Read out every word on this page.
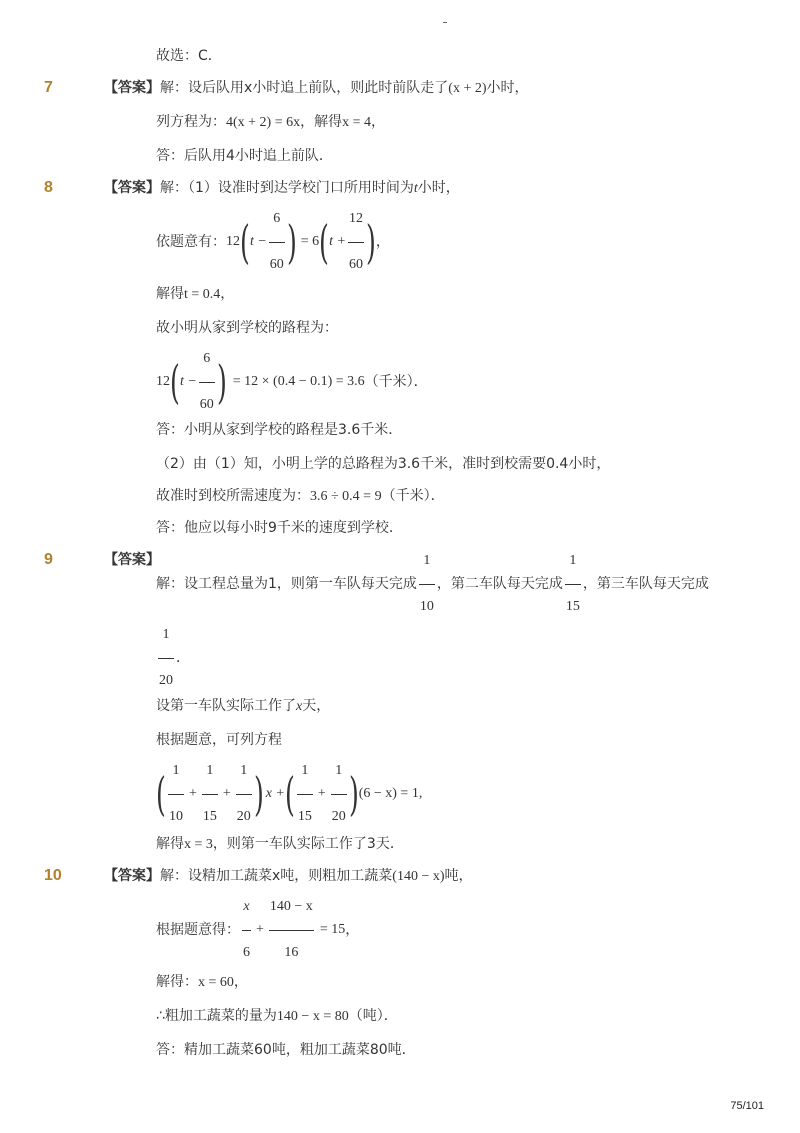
故选：C．
7	【答案】解：设后队用x小时追上前队，则此时前队走了(x + 2)小时，
列方程为：4(x + 2) = 6x，解得x = 4，
答：后队用4小时追上前队．
8	【答案】解：（1）设准时到达学校门口所用时间为t小时，
依题意有： 12 ( $t - \frac{6}{60}$ ) = 6 ( $t + \frac{12}{60}$ ) ，
解得t = 0.4，
故小明从家到学校的路程为：
12 ( $t - \frac{6}{60}$ ) = 12 × (0.4 − 0.1) = 3.6 （千米）．
答：小明从家到学校的路程是3.6千米．
（2）由（1）知，小明上学的总路程为3.6千米，准时到校需要0.4小时，
故准时到校所需速度为：3.6 ÷ 0.4 = 9（千米）．
答：他应以每小时9千米的速度到学校．
9	【答案】
解：设工程总量为1，则第一车队每天完成 $\frac{1}{10}$ ，第二车队每天完成 $\frac{1}{15}$ ，第三车队每天完成
$\frac{1}{20}$ ．
设第一车队实际工作了x天，
根据题意，可列方程
( $\frac{1}{10} + \frac{1}{15} + \frac{1}{20}$ ) x + ( $\frac{1}{15} + \frac{1}{20}$ ) (6 − x) = 1,
解得x = 3，则第一车队实际工作了3天．
10	【答案】解：设精加工蔬菜x吨，则粗加工蔬菜(140 − x)吨，
根据题意得： $\frac{x}{6} + \frac{140 - x}{16} = 15$ ，
解得：x = 60，
∴粗加工蔬菜的量为140 − x = 80（吨）．
答：精加工蔬菜60吨，粗加工蔬菜80吨．
75/101
